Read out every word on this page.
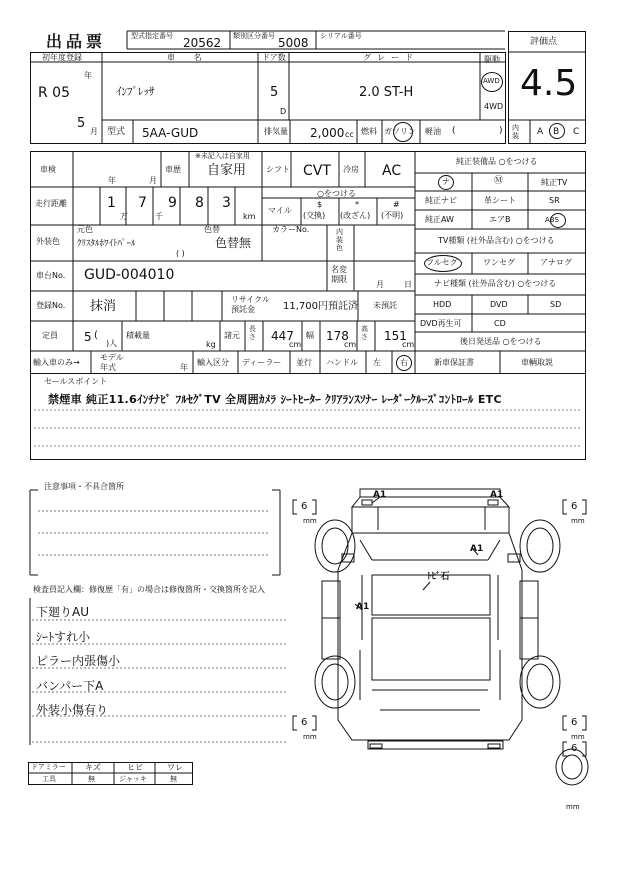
出品票	型式指定番号 20562 類別区分番号 5008 シリアル番号
評価点
4.5
初年度登録
R 05
年
5
月
車 名
ｲﾝﾌﾟﾚｯｻ
ドア数
5
D
グレード
2.0 ST-H
駆動
AWD
4WD
型式 5AA-GUD	排気量 2,000 cc 燃料 ガソリン 軽油 (	) 内装	A B C
車検
年	月
車歴
※未記入は自家用
自家用 シフト CVT 冷房 AC
走行距離	1
万
7
千
9 8 3
km
○をつける
マイル
$
(交換)
*
(改ざん)
#
(不明)
外装色
元色
ｸﾘｽﾀﾙﾎﾜｲﾄﾊﾟｰﾙ
色替
色替無
( )
カラーNo.	内装色
車台No. GUD-004010	名変期限
月	日
登録No. 抹消	リサイクル預託金	11,700円預託済 未預託
定員 5 (
)人
積載量
kg
諸元
長さ 447
cm
幅 178
cm
高さ 151
cm
輸入車のみ→
モデル年式	年
輸入区分 ディーラー 並行 ハンドル 左 右
純正装備品 ○をつける
ナ	Ⓜ	純正TV
純正ナビ	革シート	SR
純正AW	エアB	ABS
TV種類 (社外品含む) ○をつける
フルセグ	ワンセグ	アナログ
ナビ種類 (社外品含む) ○をつける
HDD	DVD	SD
DVD再生可	CD
後日発送品 ○をつける
新車保証書	車輌取説
セールスポイント
禁煙車 純正11.6ｲﾝﾁﾅﾋﾞ ﾌﾙｾｸﾞTV 全周囲ｶﾒﾗ ｼｰﾄﾋｰﾀｰ ｸﾘｱﾗﾝｽｿﾅｰ ﾚｰﾀﾞｰｸﾙｰｽﾞｺﾝﾄﾛｰﾙ ETC
注意事項・不具合箇所
検査員記入欄：修復歴「有」の場合は修復箇所・交換箇所を記入
下廻りAU
ｼｰﾄすれ小
ピラー内張傷小
バンパー下A
外装小傷有り
ドアミラー キズ	ヒビ	ワレ
工具	無	ジャッキ	無
6
mm
6
mm
6
mm
6
mm
6
mm
A1	A1
A1
ﾄﾋﾞ石
A1
